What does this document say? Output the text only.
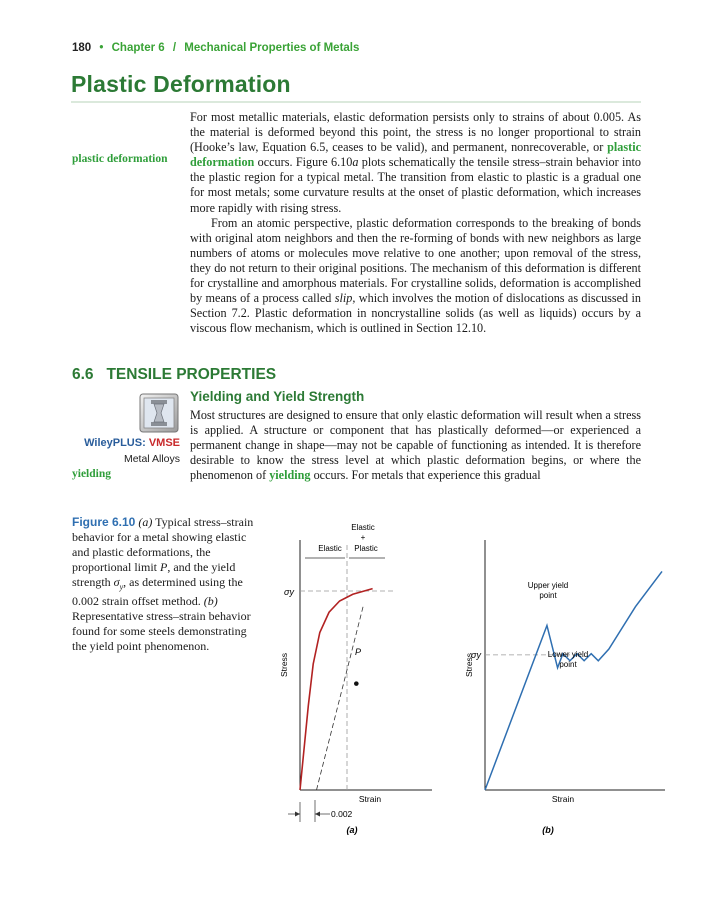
180 • Chapter 6 / Mechanical Properties of Metals
Plastic Deformation
plastic deformation

For most metallic materials, elastic deformation persists only to strains of about 0.005. As the material is deformed beyond this point, the stress is no longer proportional to strain (Hooke’s law, Equation 6.5, ceases to be valid), and permanent, nonrecoverable, or plastic deformation occurs. Figure 6.10a plots schematically the tensile stress–strain behavior into the plastic region for a typical metal. The transition from elastic to plastic is a gradual one for most metals; some curvature results at the onset of plastic deformation, which increases more rapidly with rising stress.

From an atomic perspective, plastic deformation corresponds to the breaking of bonds with original atom neighbors and then the re-forming of bonds with new neighbors as large numbers of atoms or molecules move relative to one another; upon removal of the stress, they do not return to their original positions. The mechanism of this deformation is different for crystalline and amorphous materials. For crystalline solids, deformation is accomplished by means of a process called slip, which involves the motion of dislocations as discussed in Section 7.2. Plastic deformation in noncrystalline solids (as well as liquids) occurs by a viscous flow mechanism, which is outlined in Section 12.10.

6.6   TENSILE PROPERTIES
Yielding and Yield Strength
WileyPLUS: VMSE
Metal Alloys
yielding

Most structures are designed to ensure that only elastic deformation will result when a stress is applied. A structure or component that has plastically deformed—or experienced a permanent change in shape—may not be capable of functioning as intended. It is therefore desirable to know the stress level at which plastic deformation begins, or where the phenomenon of yielding occurs. For metals that experience this gradual

Figure 6.10 (a) Typical stress–strain behavior for a metal showing elastic and plastic deformations, the proportional limit P, and the yield strength $\sigma_y$, as determined using the 0.002 strain offset method. (b) Representative stress–strain behavior found for some steels demonstrating the yield point phenomenon.
Elastic
+
Elastic Plastic
σy
Stress
P
Strain
0.002
(a)
σy
Stress
Upper yield
point
Lower yield
point
Strain
(b)
